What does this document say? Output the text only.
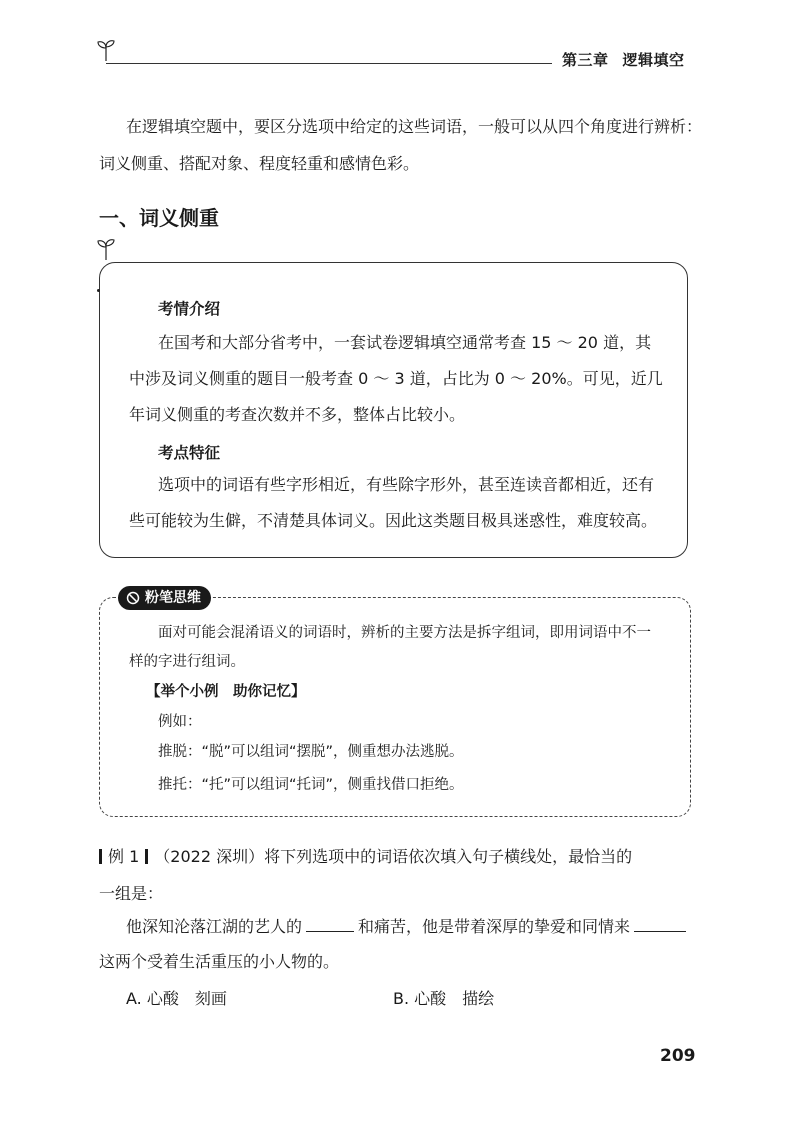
第三章 逻辑填空
在逻辑填空题中，要区分选项中给定的这些词语，一般可以从四个角度进行辨析：
词义侧重、搭配对象、程度轻重和感情色彩。
一、词义侧重
考情介绍
在国考和大部分省考中，一套试卷逻辑填空通常考查 15 ～ 20 道，其
中涉及词义侧重的题目一般考查 0 ～ 3 道，占比为 0 ～ 20%。可见，近几
年词义侧重的考查次数并不多，整体占比较小。
考点特征
选项中的词语有些字形相近，有些除字形外，甚至连读音都相近，还有
些可能较为生僻，不清楚具体词义。因此这类题目极具迷惑性，难度较高。
粉笔思维
面对可能会混淆语义的词语时，辨析的主要方法是拆字组词，即用词语中不一
样的字进行组词。
【举个小例　助你记忆】
例如：
推脱：“脱”可以组词“摆脱”，侧重想办法逃脱。
推托：“托”可以组词“托词”，侧重找借口拒绝。
例 1 （2022 深圳）将下列选项中的词语依次填入句子横线处，最恰当的
一组是：
他深知沦落江湖的艺人的	和痛苦，他是带着深厚的挚爱和同情来
这两个受着生活重压的小人物的。
A. 心酸　刻画	B. 心酸　描绘
209
